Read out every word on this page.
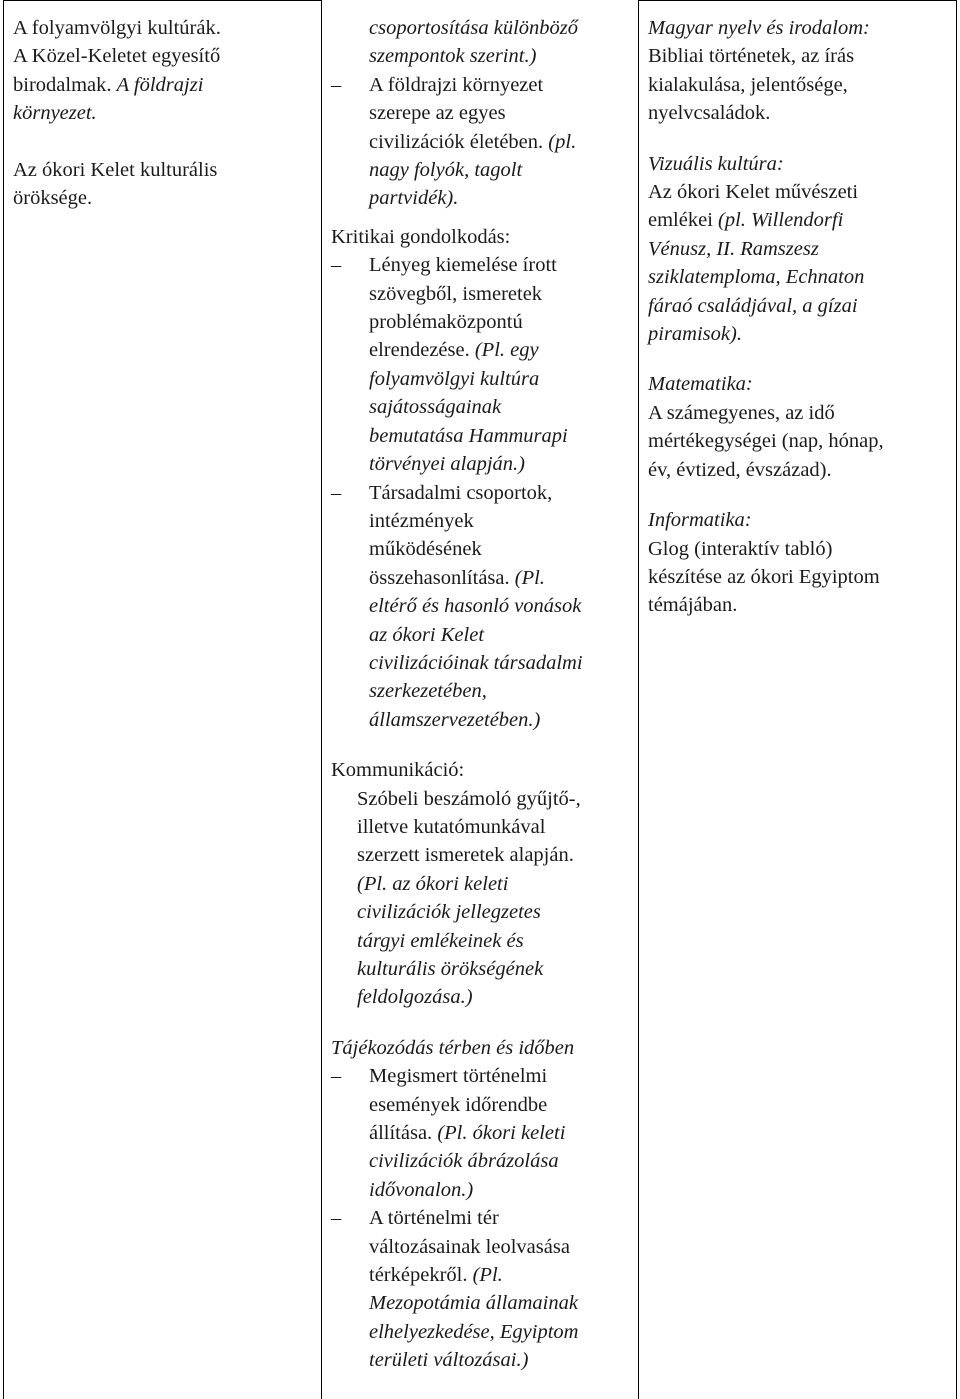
A folyamvölgyi kultúrák.

A Közel-Keletet egyesítő

birodalmak. A földrajzi

környezet.

Az ókori Kelet kulturális

öröksége.

csoportosítása különböző

szempontok szerint.)

– A földrajzi környezet
szerepe az egyes
civilizációk életében. (pl.
nagy folyók, tagolt
partvidék).

Kritikai gondolkodás:

– Lényeg kiemelése írott
szövegből, ismeretek
problémaközpontú
elrendezése. (Pl. egy
folyamvölgyi kultúra
sajátosságainak
bemutatása Hammurapi
törvényei alapján.)
– Társadalmi csoportok,
intézmények
működésének
összehasonlítása. (Pl.
eltérő és hasonló vonások
az ókori Kelet
civilizációinak társadalmi
szerkezetében,
államszervezetében.)

Kommunikáció:

Szóbeli beszámoló gyűjtő-,
illetve kutatómunkával
szerzett ismeretek alapján.
(Pl. az ókori keleti
civilizációk jellegzetes
tárgyi emlékeinek és
kulturális örökségének
feldolgozása.)

Tájékozódás térben és időben

– Megismert történelmi
események időrendbe
állítása. (Pl. ókori keleti
civilizációk ábrázolása
idővonalon.)
– A történelmi tér
változásainak leolvasása
térképekről. (Pl.
Mezopotámia államainak
elhelyezkedése, Egyiptom
területi változásai.)

Magyar nyelv és irodalom:

Bibliai történetek, az írás

kialakulása, jelentősége,

nyelvcsaládok.

Vizuális kultúra:

Az ókori Kelet művészeti

emlékei (pl. Willendorfi

Vénusz, II. Ramszesz

sziklatemploma, Echnaton

fáraó családjával, a gízai

piramisok).

Matematika:

A számegyenes, az idő

mértékegységei (nap, hónap,

év, évtized, évszázad).

Informatika:

Glog (interaktív tabló)

készítése az ókori Egyiptom

témájában.
